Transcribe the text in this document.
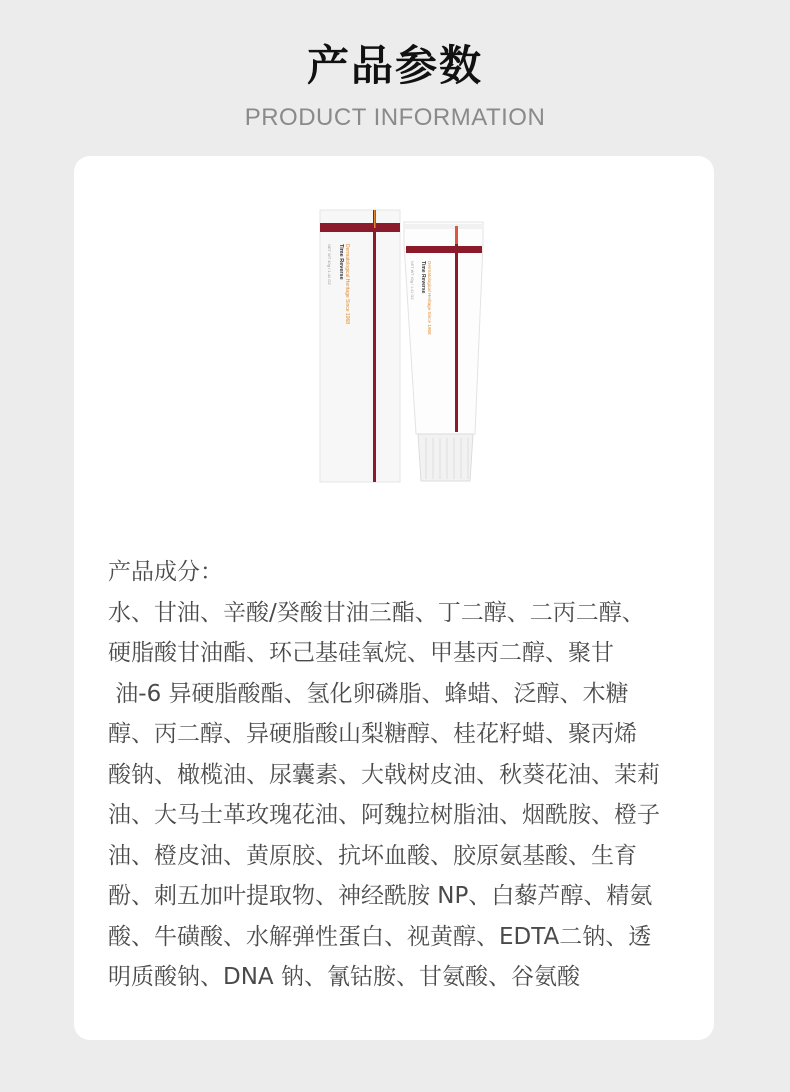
产品参数
PRODUCT INFORMATION
Time Reverse Dermatological Heritage Since 1968
NET WT 40g / 1.41 OZ	Time Reverse Dermatological Heritage Since 1968
NET WT 40g / 1.41 OZ
产品成分：
水、甘油、辛酸/癸酸甘油三酯、丁二醇、二丙二醇、
硬脂酸甘油酯、环己基硅氧烷、甲基丙二醇、聚甘
油-6 异硬脂酸酯、氢化卵磷脂、蜂蜡、泛醇、木糖
醇、丙二醇、异硬脂酸山梨糖醇、桂花籽蜡、聚丙烯
酸钠、橄榄油、尿囊素、大戟树皮油、秋葵花油、茉莉
油、大马士革玫瑰花油、阿魏拉树脂油、烟酰胺、橙子
油、橙皮油、黄原胶、抗坏血酸、胶原氨基酸、生育
酚、刺五加叶提取物、神经酰胺 NP、白藜芦醇、精氨
酸、牛磺酸、水解弹性蛋白、视黄醇、EDTA二钠、透
明质酸钠、DNA 钠、氰钴胺、甘氨酸、谷氨酸
